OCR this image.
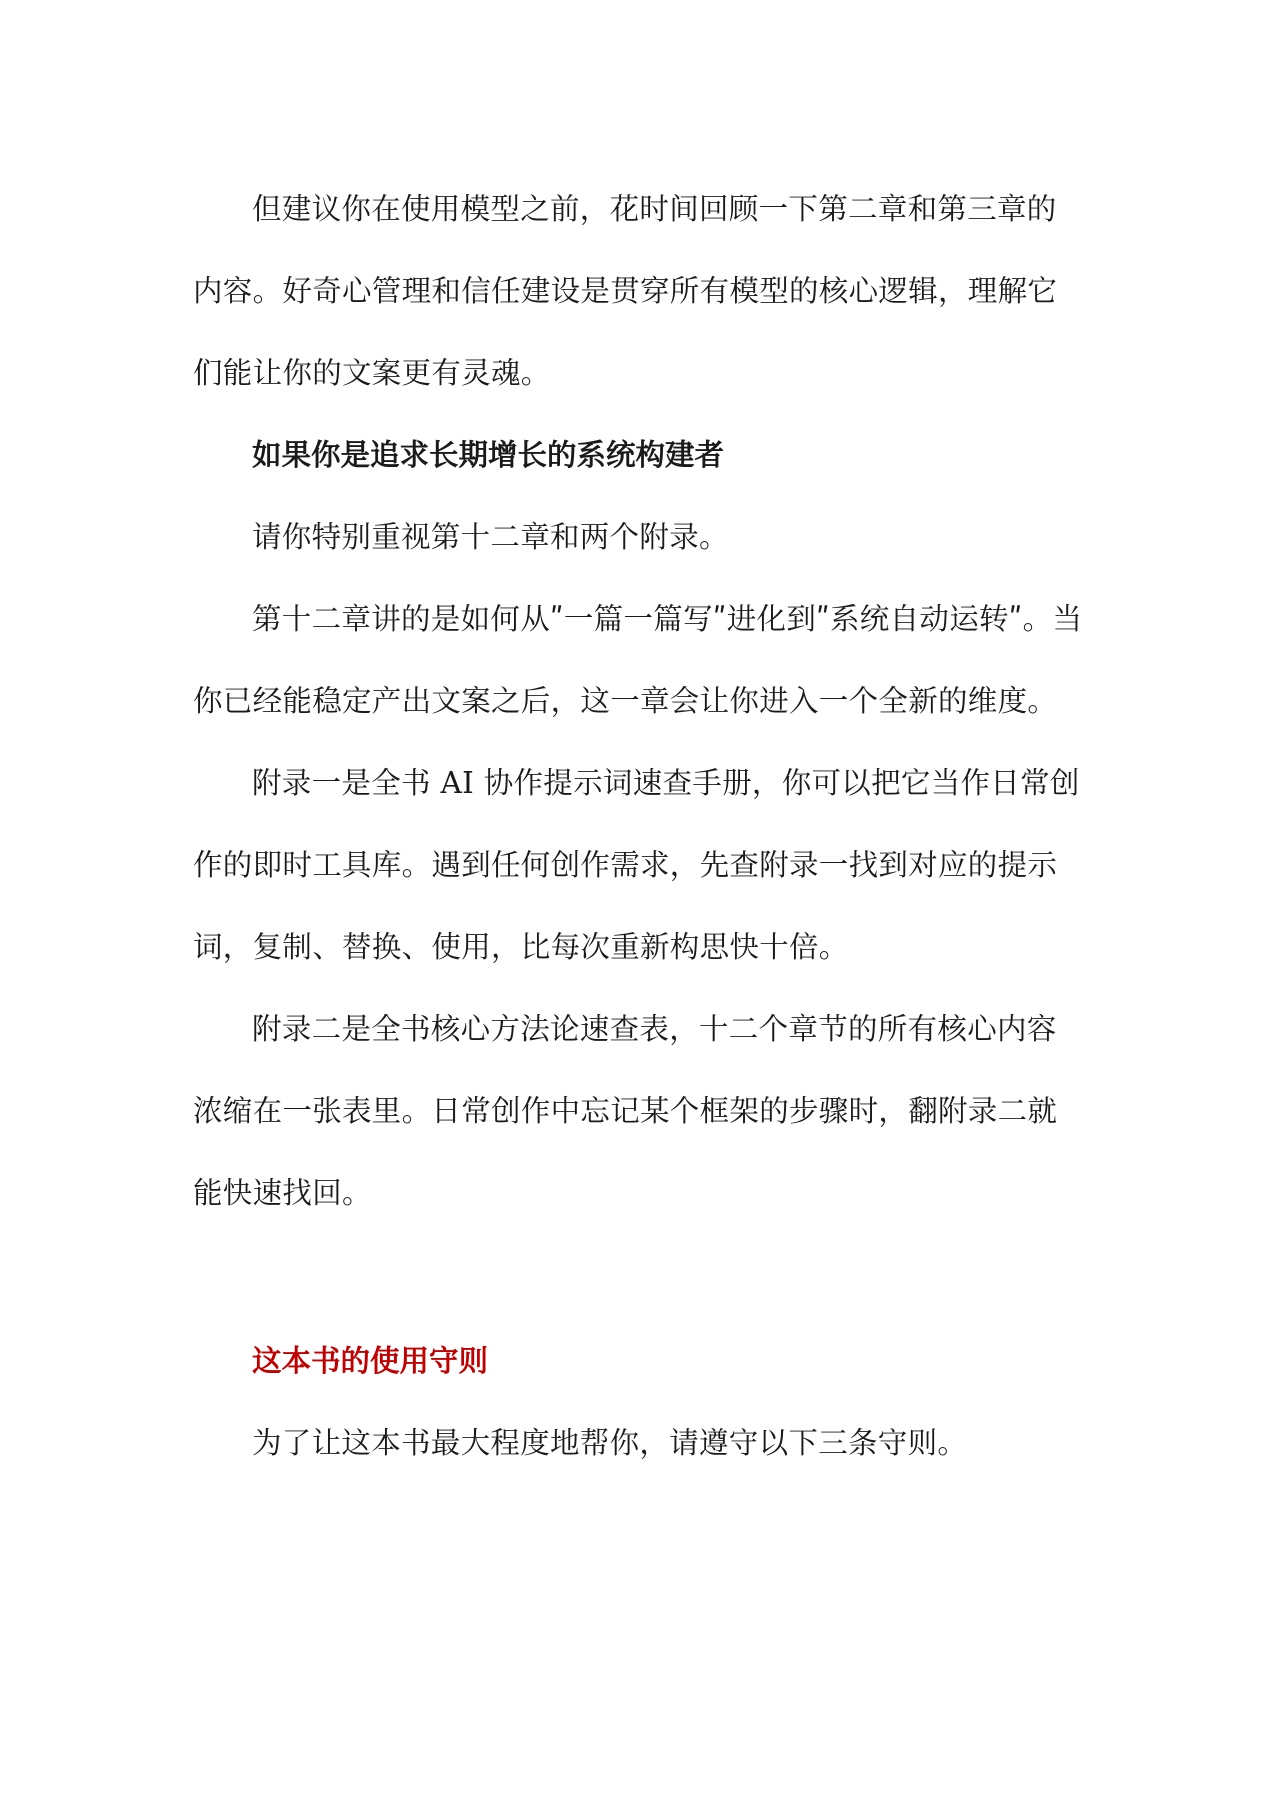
但建议你在使用模型之前，花时间回顾一下第二章和第三章的内容。好奇心管理和信任建设是贯穿所有模型的核心逻辑，理解它们能让你的文案更有灵魂。

如果你是追求长期增长的系统构建者

请你特别重视第十二章和两个附录。

第十二章讲的是如何从ʺ一篇一篇写ʺ进化到ʺ系统自动运转ʺ。当你已经能稳定产出文案之后，这一章会让你进入一个全新的维度。

附录一是全书 AI 协作提示词速查手册，你可以把它当作日常创作的即时工具库。遇到任何创作需求，先查附录一找到对应的提示词，复制、替换、使用，比每次重新构思快十倍。

附录二是全书核心方法论速查表，十二个章节的所有核心内容浓缩在一张表里。日常创作中忘记某个框架的步骤时，翻附录二就能快速找回。

这本书的使用守则

为了让这本书最大程度地帮你，请遵守以下三条守则。
